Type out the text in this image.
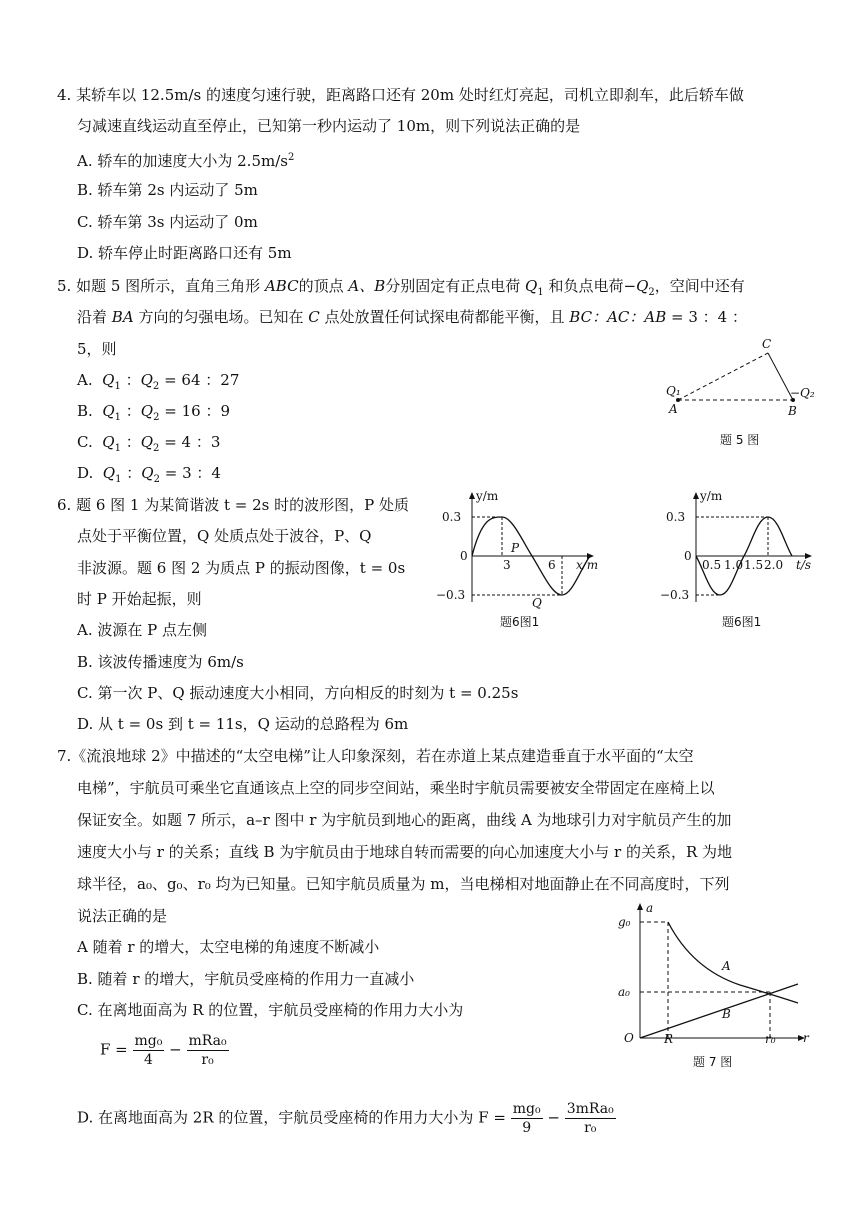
4. 某轿车以 12.5m/s 的速度匀速行驶，距离路口还有 20m 处时红灯亮起，司机立即刹车，此后轿车做
匀减速直线运动直至停止，已知第一秒内运动了 10m，则下列说法正确的是
A. 轿车的加速度大小为 $2.5m/s^2$
B. 轿车第 2s 内运动了 5m
C. 轿车第 3s 内运动了 0m
D. 轿车停止时距离路口还有 5m
5. 如题 5 图所示，直角三角形 ABC的顶点 A、B分别固定有正点电荷 $Q_1$ 和负点电荷$-Q_2$，空间中还有
沿着 BA 方向的匀强电场。已知在 C 点处放置任何试探电荷都能平衡，且 BC：AC：AB = 3 ：4 ：
5，则
A.  $Q_1$ ：$Q_2 = 64$ ：27
B.  $Q_1$ ：$Q_2 = 16$ ：9
C.  $Q_1$ ：$Q_2 = 4$ ：3
D.  $Q_1$ ：$Q_2 = 3$ ：4
C
Q₁
A
−Q₂
B
题 5 图
6. 题 6 图 1 为某简谐波 t = 2s 时的波形图，P 处质
点处于平衡位置，Q 处质点处于波谷，P、Q
非波源。题 6 图 2 为质点 P 的振动图像，t = 0s
时 P 开始起振，则
A. 波源在 P 点左侧
B. 该波传播速度为 6m/s
C. 第一次 P、Q 振动速度大小相同，方向相反的时刻为 t = 0.25s
D. 从 t = 0s 到 t = 11s，Q 运动的总路程为 6m
y/m
0.3
0
−0.3
3	6
P
Q
x/m
题6图1
y/m
0.3
0
−0.3
0.5 1.0 1.5 2.0 t/s
题6图1
7.《流浪地球 2》中描述的“太空电梯”让人印象深刻，若在赤道上某点建造垂直于水平面的“太空
电梯”，宇航员可乘坐它直通该点上空的同步空间站，乘坐时宇航员需要被安全带固定在座椅上以
保证安全。如题 7 所示，a–r 图中 r 为宇航员到地心的距离，曲线 A 为地球引力对宇航员产生的加
速度大小与 r 的关系；直线 B 为宇航员由于地球自转而需要的向心加速度大小与 r 的关系，R 为地
球半径，a₀、g₀、r₀ 均为已知量。已知宇航员质量为 m，当电梯相对地面静止在不同高度时，下列
说法正确的是
A 随着 r 的增大，太空电梯的角速度不断减小
B. 随着 r 的增大，宇航员受座椅的作用力一直减小
C. 在离地面高为 R 的位置，宇航员受座椅的作用力大小为
$F = \frac{\text{mg₀}}{4} - \frac{\text{mRa₀}}{\text{r₀}}$
D. 在离地面高为 2R 的位置，宇航员受座椅的作用力大小为 $F = \frac{\text{mg₀}}{9} - \frac{\text{3mRa₀}}{\text{r₀}}$
a
g₀
a₀
O	R	r₀ r
A
B
题 7 图
